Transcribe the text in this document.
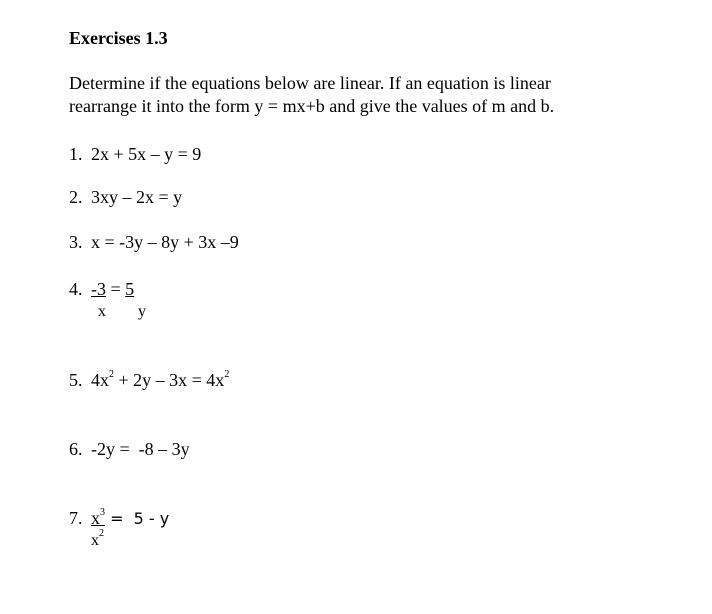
Exercises 1.3
Determine if the equations below are linear. If an equation is linear
rearrange it into the form y = mx+b and give the values of m and b.
1. 2x + 5x – y = 9
2. 3xy – 2x = y
3. x = -3y – 8y + 3x –9
4. -3 = 5
x y
5. $4x^2 + 2y - 3x = 4x^2$
6. -2y =  -8 – 3y
7. $x^3 = 5 - y$
$x^2$
